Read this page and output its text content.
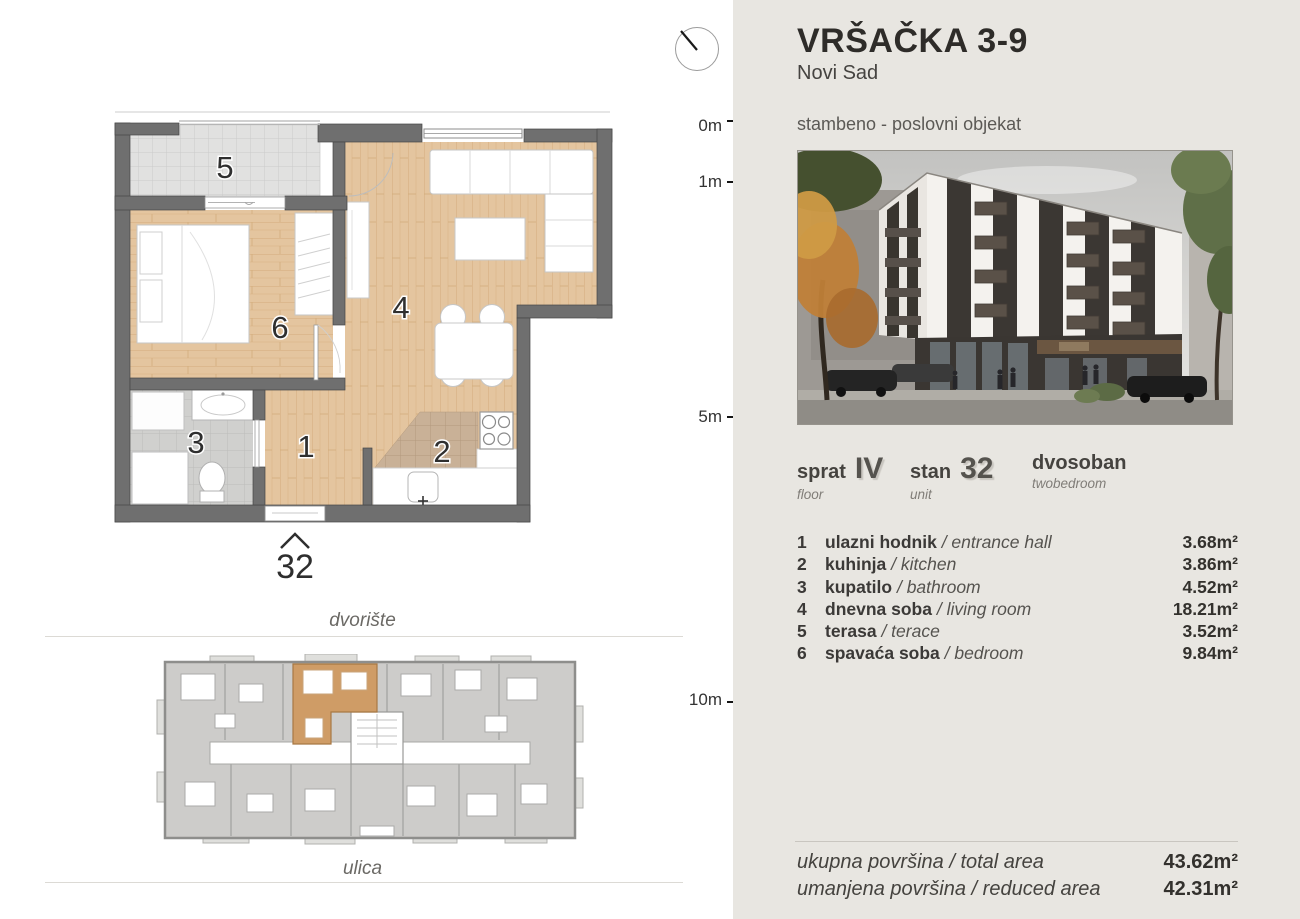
1	2
3
4
5
6
32
dvorište
ulica
0m
1m
5m
10m
VRŠAČKA 3-9
Novi Sad
stambeno - poslovni objekat
sprat IV
floor
stan 32
unit
dvosoban
twobedroom
1	ulazni hodnik / entrance hall	3.68m²
2	kuhinja / kitchen	3.86m²
3	kupatilo / bathroom	4.52m²
4	dnevna soba / living room	18.21m²
5	terasa / terace	3.52m²
6	spavaća soba / bedroom	9.84m²
ukupna površina / total area	43.62m²
umanjena površina / reduced area	42.31m²
